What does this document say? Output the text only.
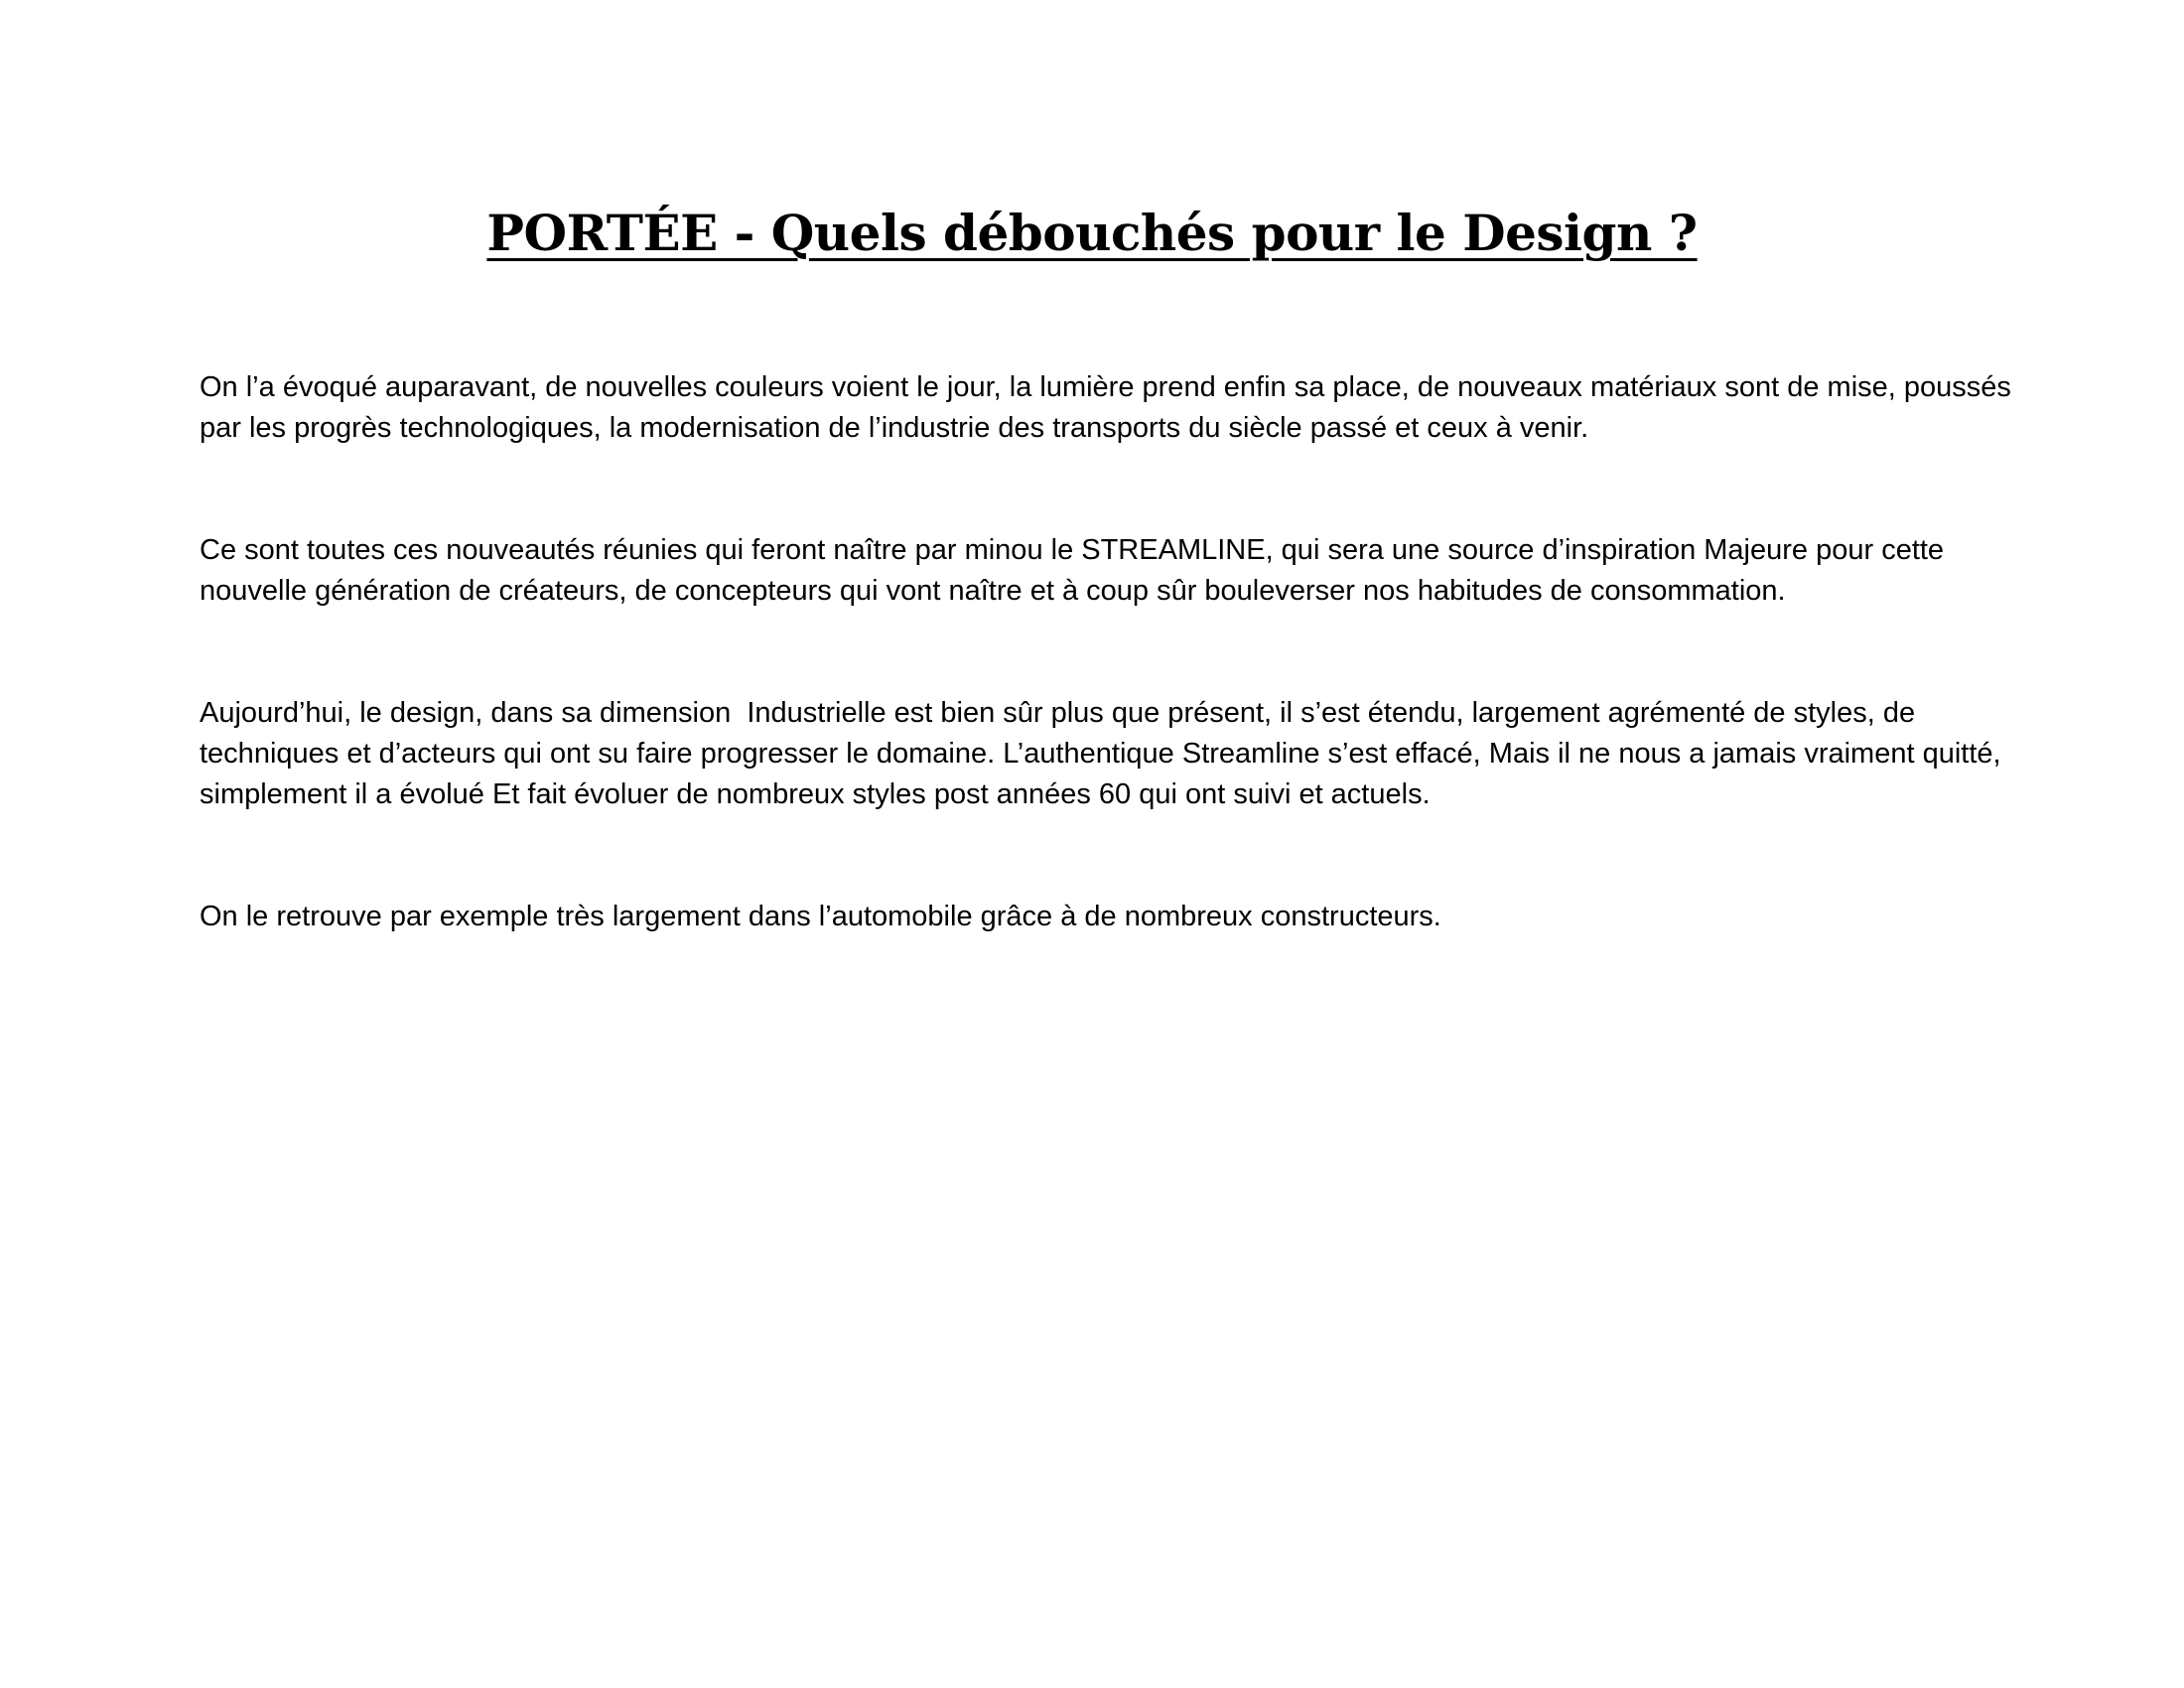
PORTÉE - Quels débouchés pour le Design ?

On l’a évoqué auparavant, de nouvelles couleurs voient le jour, la lumière prend enfin sa place, de nouveaux matériaux sont de mise, poussés par les progrès technologiques, la modernisation de l’industrie des transports du siècle passé et ceux à venir.

Ce sont toutes ces nouveautés réunies qui feront naître par minou le STREAMLINE, qui sera une source d’inspiration Majeure pour cette nouvelle génération de créateurs, de concepteurs qui vont naître et à coup sûr bouleverser nos habitudes de consommation.

Aujourd’hui, le design, dans sa dimension  Industrielle est bien sûr plus que présent, il s’est étendu, largement agrémenté de styles, de techniques et d’acteurs qui ont su faire progresser le domaine. L’authentique Streamline s’est effacé, Mais il ne nous a jamais vraiment quitté, simplement il a évolué Et fait évoluer de nombreux styles post années 60 qui ont suivi et actuels.

On le retrouve par exemple très largement dans l’automobile grâce à de nombreux constructeurs.
